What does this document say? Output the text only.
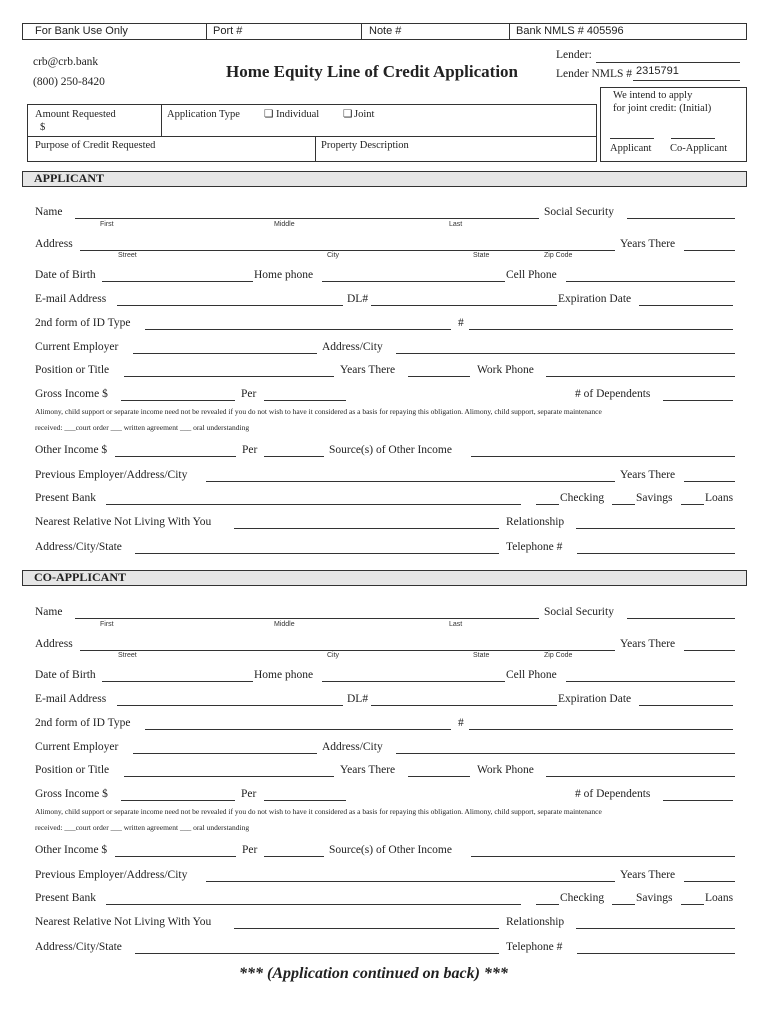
For Bank Use Only	Port #	Note #	Bank NMLS # 405596
crb@crb.bank
(800) 250-8420
Home Equity Line of Credit Application
Lender:
Lender NMLS # 2315791
Amount Requested
$
Application Type ❏ Individual ❏ Joint
Purpose of Credit Requested	Property Description
We intend to apply
for joint credit: (Initial)
Applicant Co-Applicant
APPLICANT
CO-APPLICANT
Name
First	Middle	Last
Social Security
Address
Street	City	State	Zip Code
Years There
Date of Birth	Home phone	Cell Phone
E-mail Address	DL#	Expiration Date
2nd form of ID Type	#
Current Employer	Address/City
Position or Title	Years There	Work Phone
Gross Income $	Per	# of Dependents
Alimony, child support or separate income need not be revealed if you do not wish to have it considered as a basis for repaying this obligation. Alimony, child support, separate maintenance
received: ___court order ___ written agreement ___ oral understanding
Other Income $	Per	Source(s) of Other Income
Previous Employer/Address/City	Years There
Present Bank	Checking	Savings	Loans
Nearest Relative Not Living With You	Relationship
Address/City/State	Telephone #
*** (Application continued on back) ***
Name
First	Middle	Last
Social Security
Address
Street	City	State	Zip Code
Years There
Date of Birth	Home phone	Cell Phone
E-mail Address	DL#	Expiration Date
2nd form of ID Type	#
Current Employer	Address/City
Position or Title	Years There	Work Phone
Gross Income $	Per	# of Dependents
Alimony, child support or separate income need not be revealed if you do not wish to have it considered as a basis for repaying this obligation. Alimony, child support, separate maintenance
received: ___court order ___ written agreement ___ oral understanding
Other Income $	Per	Source(s) of Other Income
Previous Employer/Address/City	Years There
Present Bank	Checking	Savings	Loans
Nearest Relative Not Living With You	Relationship
Address/City/State	Telephone #
